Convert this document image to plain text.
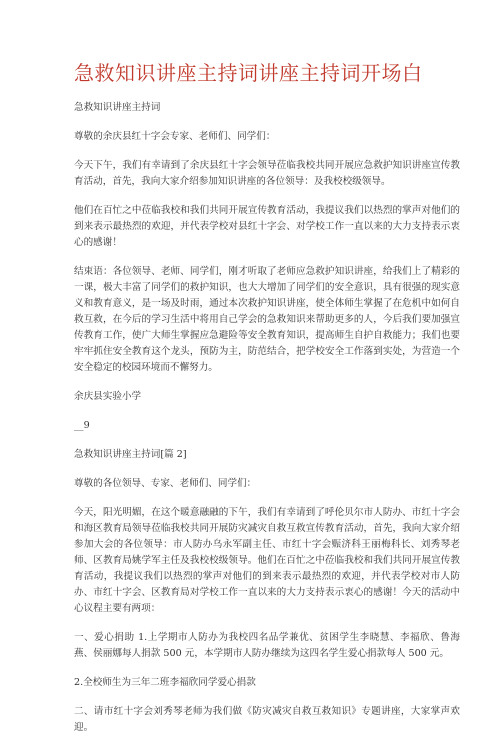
急救知识讲座主持词讲座主持词开场白
急救知识讲座主持词
尊敬的余庆县红十字会专家、老师们、同学们：
今天下午，我们有幸请到了余庆县红十字会领导莅临我校共同开展应急救护知识讲座宣传教育活动，首先，我向大家介绍参加知识讲座的各位领导：及我校校级领导。
他们在百忙之中莅临我校和我们共同开展宣传教育活动，我提议我们以热烈的掌声对他们的到来表示最热烈的欢迎，并代表学校对县红十字会、对学校工作一直以来的大力支持表示衷心的感谢！
结束语：各位领导、老师、同学们，刚才听取了老师应急救护知识讲座，给我们上了精彩的一课，极大丰富了同学们的救护知识，也大大增加了同学们的安全意识，具有很强的现实意义和教育意义，是一场及时雨，通过本次救护知识讲座，使全体师生掌握了在危机中如何自救互救，在今后的学习生活中将用自己学会的急救知识来帮助更多的人，今后我们要加强宣传教育工作，使广大师生掌握应急避险等安全教育知识，提高师生自护自救能力；我们也要牢牢抓住安全教育这个龙头，预防为主，防范结合，把学校安全工作落到实处，为营造一个安全稳定的校园环境而不懈努力。
余庆县实验小学
__9
急救知识讲座主持词[篇 2]
尊敬的各位领导、专家、老师们、同学们：
今天，阳光明媚，在这个暖意融融的下午，我们有幸请到了呼伦贝尔市人防办、市红十字会和海区教育局领导莅临我校共同开展防灾减灾自救互救宣传教育活动，首先，我向大家介绍参加大会的各位领导：市人防办乌永军副主任、市红十字会赈济科王丽梅科长、刘秀琴老师、区教育局姚学军主任及我校校级领导。他们在百忙之中莅临我校和我们共同开展宣传教育活动，我提议我们以热烈的掌声对他们的到来表示最热烈的欢迎，并代表学校对市人防办、市红十字会、区教育局对学校工作一直以来的大力支持表示衷心的感谢！今天的活动中心议程主要有两项：
一、爱心捐助 1.上学期市人防办为我校四名品学兼优、贫困学生李晓慧、李福欣、鲁海燕、侯丽娜每人捐款 500 元，本学期市人防办继续为这四名学生爱心捐款每人 500 元。
2.全校师生为三年二班李福欣同学爱心捐款
二、请市红十字会刘秀琴老师为我们做《防灾减灾自救互救知识》专题讲座，大家掌声欢迎。
